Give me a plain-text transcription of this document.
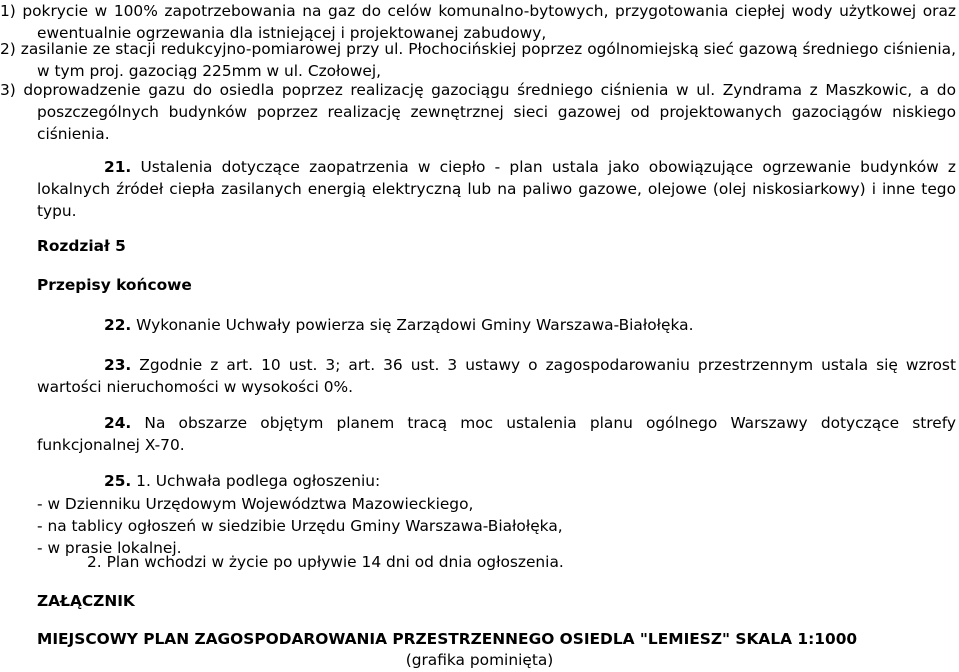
1) pokrycie w 100% zapotrzebowania na gaz do celów komunalno-bytowych, przygotowania ciepłej wody użytkowej oraz ewentualnie ogrzewania dla istniejącej i projektowanej zabudowy,

2) zasilanie ze stacji redukcyjno-pomiarowej przy ul. Płochocińskiej poprzez ogólnomiejską sieć gazową średniego ciśnienia, w tym proj. gazociąg 225mm w ul. Czołowej,

3) doprowadzenie gazu do osiedla poprzez realizację gazociągu średniego ciśnienia w ul. Zyndrama z Maszkowic, a do poszczególnych budynków poprzez realizację zewnętrznej sieci gazowej od projektowanych gazociągów niskiego ciśnienia.

21. Ustalenia dotyczące zaopatrzenia w ciepło - plan ustala jako obowiązujące ogrzewanie budynków z lokalnych źródeł ciepła zasilanych energią elektryczną lub na paliwo gazowe, olejowe (olej niskosiarkowy) i inne tego typu.

Rozdział 5

Przepisy końcowe

22. Wykonanie Uchwały powierza się Zarządowi Gminy Warszawa-Białołęka.

23. Zgodnie z art. 10 ust. 3; art. 36 ust. 3 ustawy o zagospodarowaniu przestrzennym ustala się wzrost wartości nieruchomości w wysokości 0%.

24. Na obszarze objętym planem tracą moc ustalenia planu ogólnego Warszawy dotyczące strefy funkcjonalnej X-70.

25. 1. Uchwała podlega ogłoszeniu:

- w Dzienniku Urzędowym Województwa Mazowieckiego,

- na tablicy ogłoszeń w siedzibie Urzędu Gminy Warszawa-Białołęka,

- w prasie lokalnej.

2. Plan wchodzi w życie po upływie 14 dni od dnia ogłoszenia.

ZAŁĄCZNIK

MIEJSCOWY PLAN ZAGOSPODAROWANIA PRZESTRZENNEGO OSIEDLA "LEMIESZ" SKALA 1:1000

(grafika pominięta)
